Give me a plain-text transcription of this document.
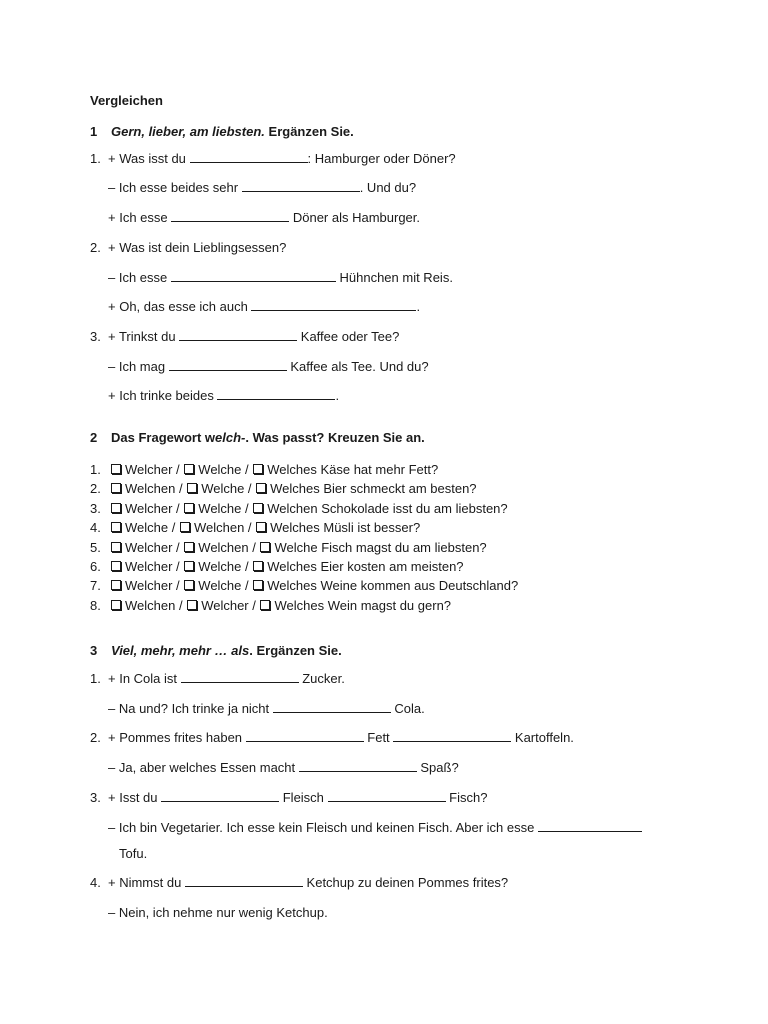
Vergleichen
1 Gern, lieber, am liebsten. Ergänzen Sie.
1. + Was isst du	: Hamburger oder Döner?
– Ich esse beides sehr	. Und du?
+ Ich esse	Döner als Hamburger.
2. + Was ist dein Lieblingsessen?
– Ich esse	Hühnchen mit Reis.
+ Oh, das esse ich auch	.
3. + Trinkst du	Kaffee oder Tee?
– Ich mag	Kaffee als Tee. Und du?
+ Ich trinke beides	.
2 Das Fragewort welch-. Was passt? Kreuzen Sie an.
1. Welcher / Welche / Welches Käse hat mehr Fett?
2. Welchen / Welche / Welches Bier schmeckt am besten?
3. Welcher / Welche / Welchen Schokolade isst du am liebsten?
4. Welche / Welchen / Welches Müsli ist besser?
5. Welcher / Welchen / Welche Fisch magst du am liebsten?
6. Welcher / Welche / Welches Eier kosten am meisten?
7. Welcher / Welche / Welches Weine kommen aus Deutschland?
8. Welchen / Welcher / Welches Wein magst du gern?
3 Viel, mehr, mehr … als. Ergänzen Sie.
1. + In Cola ist	Zucker.
– Na und? Ich trinke ja nicht	Cola.
2. + Pommes frites haben	Fett	Kartoffeln.
– Ja, aber welches Essen macht	Spaß?
3. + Isst du	Fleisch	Fisch?
– Ich bin Vegetarier. Ich esse kein Fleisch und keinen Fisch. Aber ich esse
Tofu.
4. + Nimmst du	Ketchup zu deinen Pommes frites?
– Nein, ich nehme nur wenig Ketchup.
